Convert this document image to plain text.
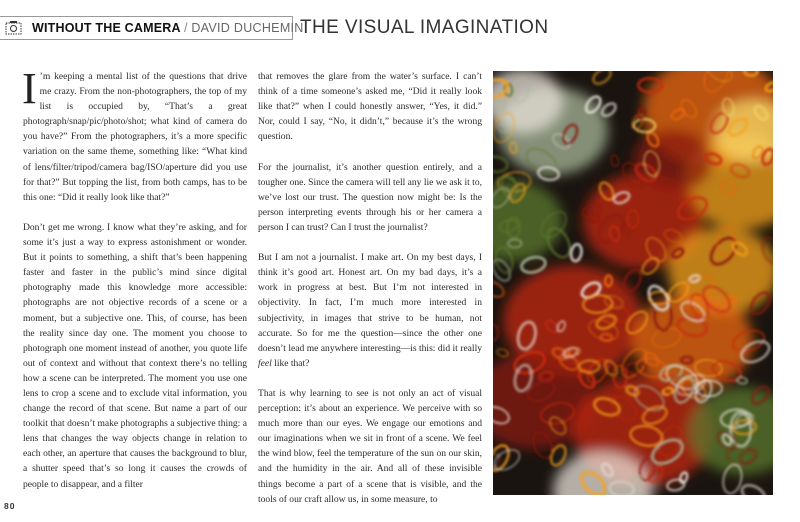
WITHOUT THE CAMERA / DAVID DUCHEMIN
THE VISUAL IMAGINATION

I ’m keeping a mental list of the questions that drive me crazy. From the non-photographers, the top of my list is occupied by, “That’s a great photograph/snap/pic/photo/shot; what kind of camera do you have?” From the photographers, it’s a more specific variation on the same theme, something like: “What kind of lens/filter/tripod/camera bag/ISO/aperture did you use for that?” But topping the list, from both camps, has to be this one: “Did it really look like that?”

Don’t get me wrong. I know what they’re asking, and for some it’s just a way to express astonishment or wonder. But it points to something, a shift that’s been happening faster and faster in the public’s mind since digital photography made this knowledge more accessible: photographs are not objective records of a scene or a moment, but a subjective one. This, of course, has been the reality since day one. The moment you choose to photograph one moment instead of another, you quote life out of context and without that context there’s no telling how a scene can be interpreted. The moment you use one lens to crop a scene and to exclude vital information, you change the record of that scene. But name a part of our toolkit that doesn’t make photographs a subjective thing: a lens that changes the way objects change in relation to each other, an aperture that causes the background to blur, a shutter speed that’s so long it causes the crowds of people to disappear, and a filter

that removes the glare from the water’s surface. I can’t think of a time someone’s asked me, “Did it really look like that?” when I could honestly answer, “Yes, it did.” Nor, could I say, “No, it didn’t,” because it’s the wrong question.

For the journalist, it’s another question entirely, and a tougher one. Since the camera will tell any lie we ask it to, we’ve lost our trust. The question now might be: Is the person interpreting events through his or her camera a person I can trust? Can I trust the journalist?

But I am not a journalist. I make art. On my best days, I think it’s good art. Honest art. On my bad days, it’s a work in progress at best. But I’m not interested in objectivity. In fact, I’m much more interested in subjectivity, in images that strive to be human, not accurate. So for me the question—since the other one doesn’t lead me anywhere interesting—is this: did it really feel like that?

That is why learning to see is not only an act of visual perception: it’s about an experience. We perceive with so much more than our eyes. We engage our emotions and our imaginations when we sit in front of a scene. We feel the wind blow, feel the temperature of the sun on our skin, and the humidity in the air. And all of these invisible things become a part of a scene that is visible, and the tools of our craft allow us, in some measure, to

80
